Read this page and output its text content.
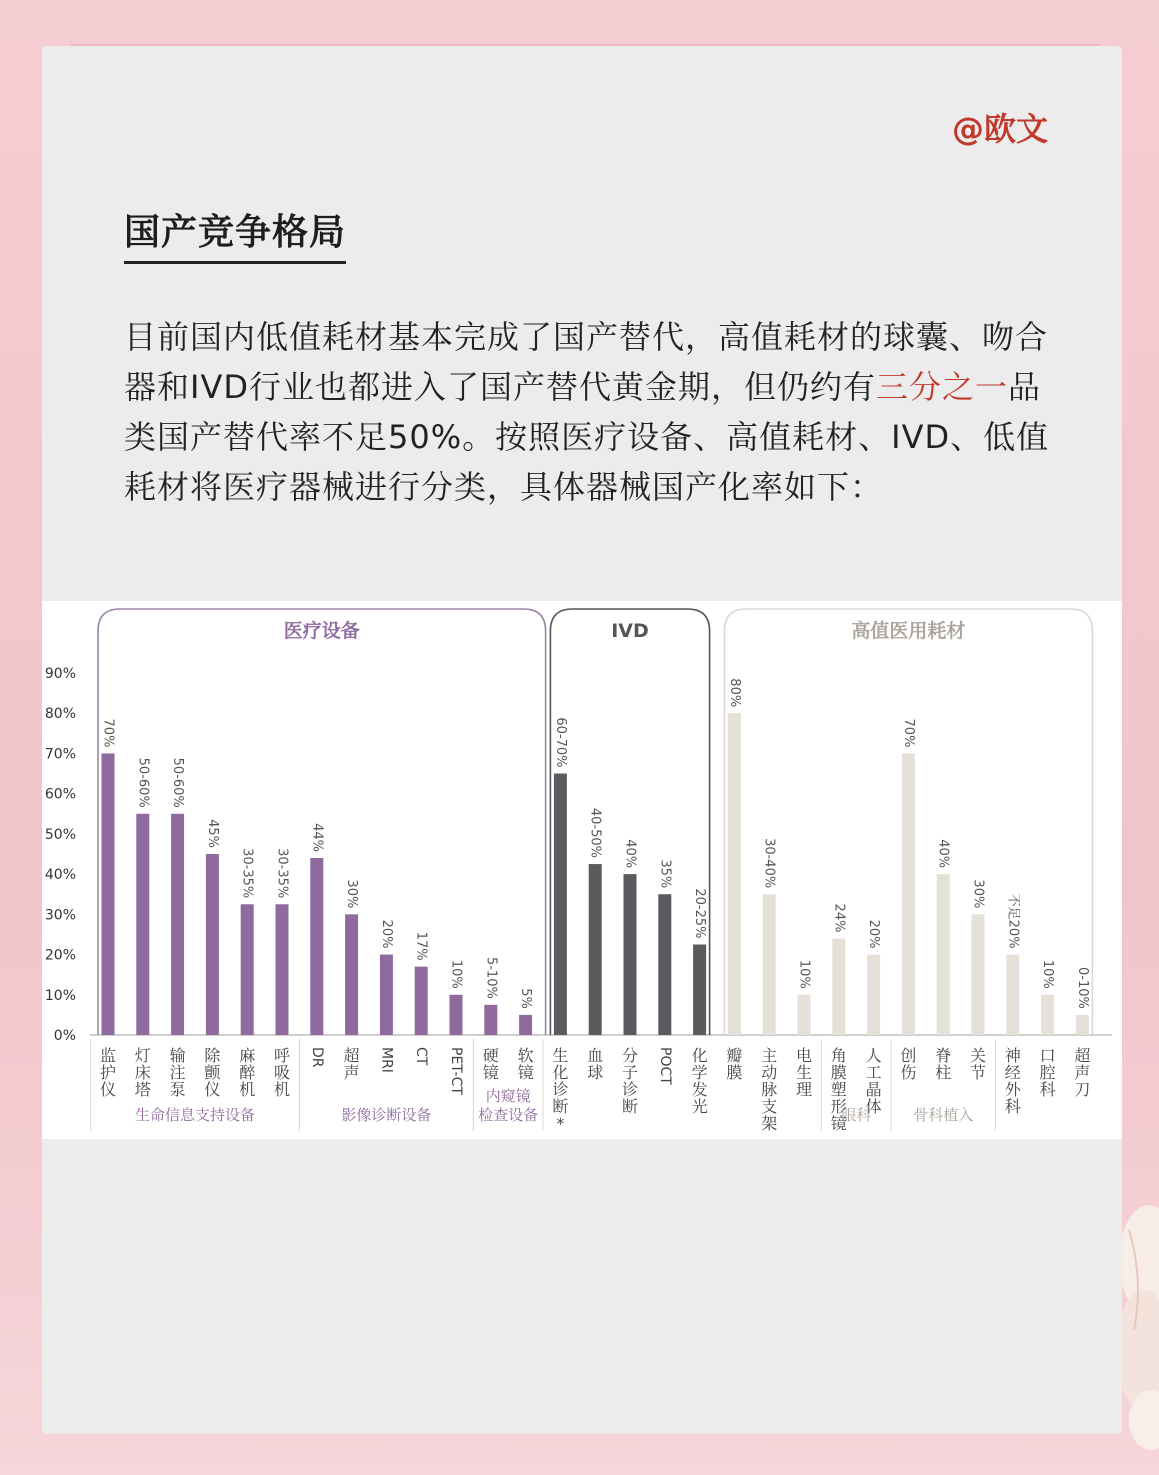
@欧文
国产竞争格局
目前国内低值耗材基本完成了国产替代，高值耗材的球囊、吻合器和IVD行业也都进入了国产替代黄金期，但仍约有三分之一品类国产替代率不足50%。按照医疗设备、高值耗材、IVD、低值耗材将医疗器械进行分类，具体器械国产化率如下：
0%
10%
20%
30%
40%
50%
60%
70%
80%
90%
70%
监护仪
50-60%
灯床塔
50-60%
输注泵
45%
除颤仪
30-35%
麻醉机
30-35%
呼吸机
44%
DR
30%
超声
20%
MRI
17%
CT
10%
PET-CT
5-10%
硬镜
5%
软镜
60-70%
生化诊断*
40-50%
血球
40%
分子诊断
35%
POCT
20-25%
化学发光
80%
瓣膜
30-40%
主动脉支架
10%
电生理
24%
角膜塑形镜
20%
人工晶体
70%
创伤
40%
脊柱
30%
关节
不足20%
神经外科
10%
口腔科
0-10%
超声刀
医疗设备
生命信息支持设备	影像诊断设备
内窥镜
检查设备
IVD	高值医用耗材
眼科	骨科植入
